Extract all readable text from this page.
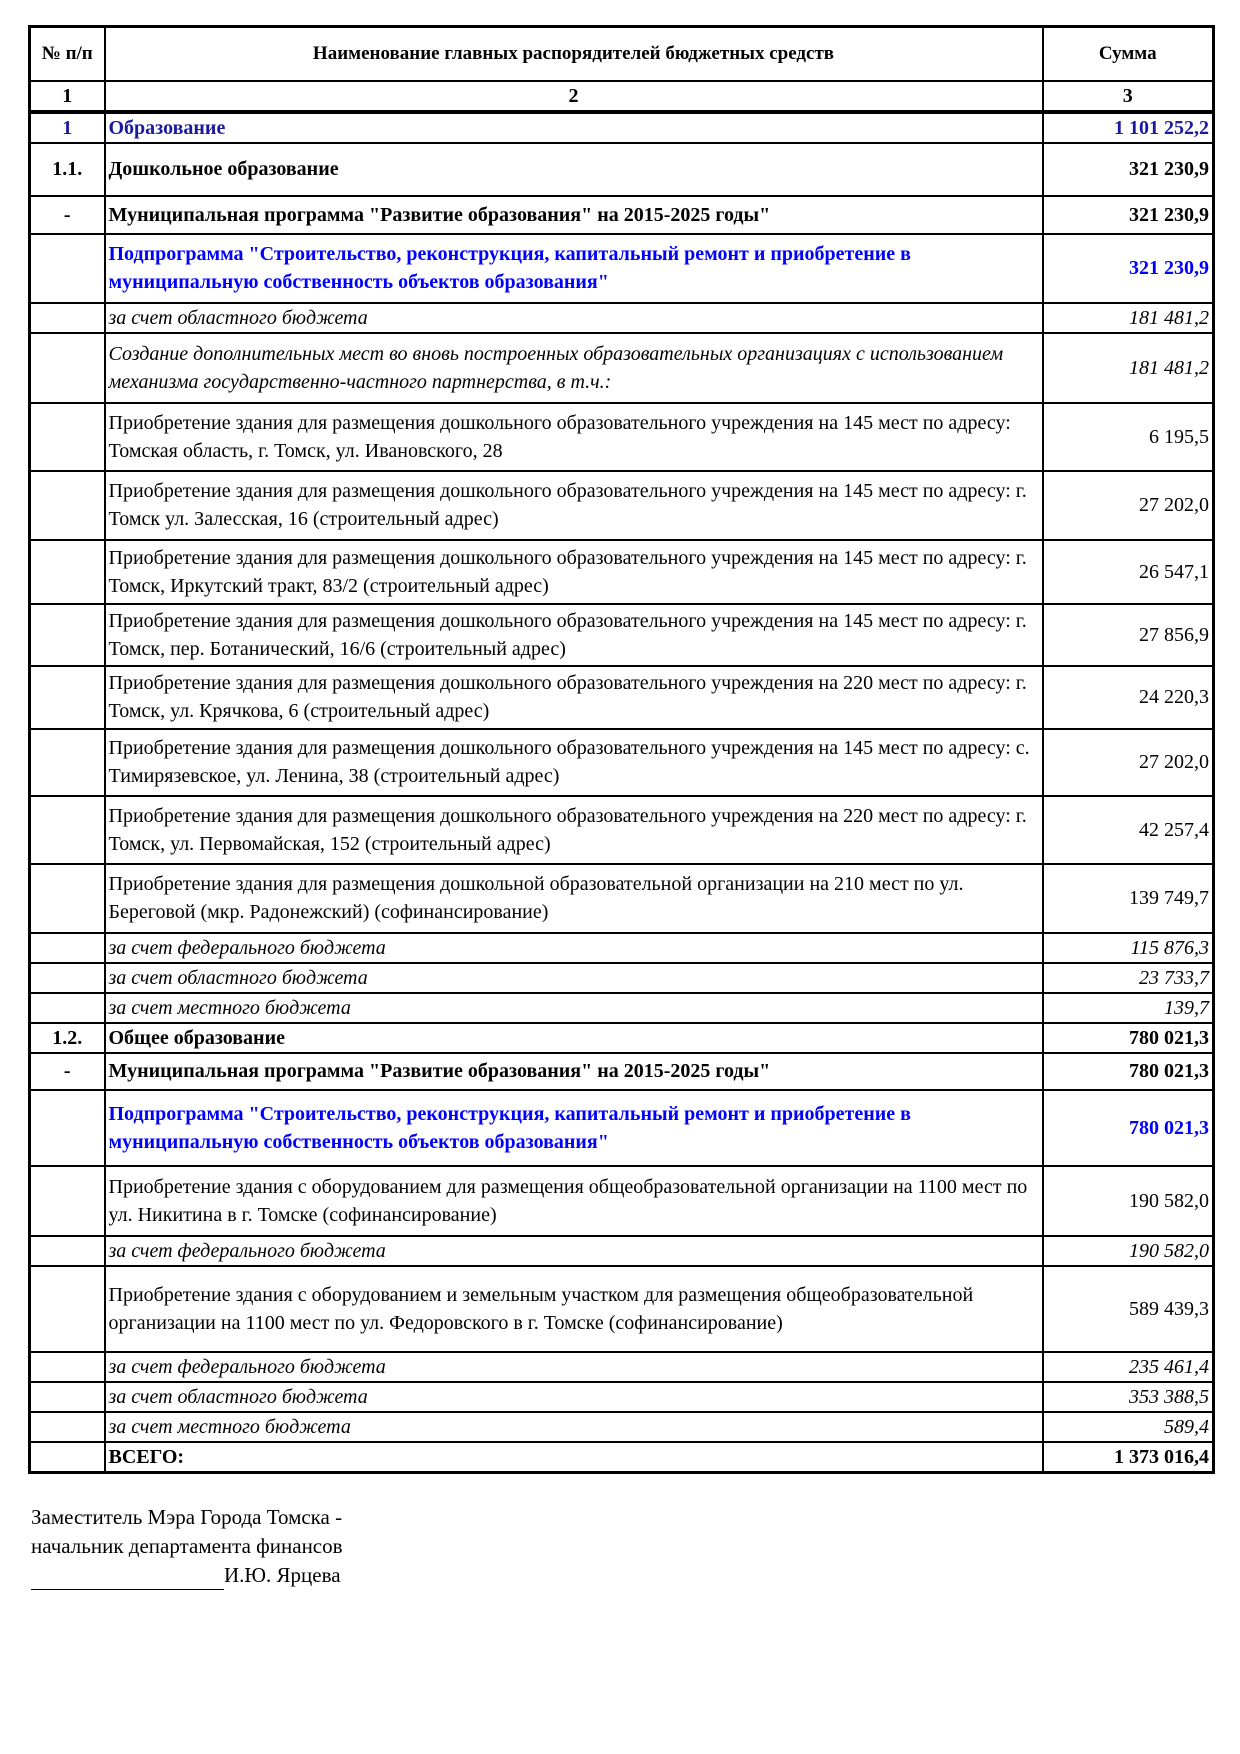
№ п/п	Наименование главных распорядителей бюджетных средств	Сумма
1	2	3
1	Образование	1 101 252,2
1.1.	Дошкольное образование	321 230,9
-	Муниципальная программа "Развитие образования" на 2015-2025 годы"	321 230,9
	Подпрограмма "Строительство, реконструкция, капитальный ремонт и приобретение в муниципальную собственность объектов образования"	321 230,9
	за счет областного бюджета	181 481,2
	Создание дополнительных мест во вновь построенных образовательных организациях с использованием механизма государственно-частного партнерства, в т.ч.:	181 481,2
	Приобретение здания для размещения дошкольного образовательного учреждения на 145 мест по адресу: Томская область, г. Томск, ул. Ивановского, 28	6 195,5
	Приобретение здания для размещения дошкольного образовательного учреждения на 145 мест по адресу: г. Томск ул. Залесская, 16 (строительный адрес)	27 202,0
	Приобретение здания для размещения дошкольного образовательного учреждения на 145 мест по адресу: г. Томск, Иркутский тракт, 83/2 (строительный адрес)	26 547,1
	Приобретение здания для размещения дошкольного образовательного учреждения на 145 мест по адресу: г. Томск, пер. Ботанический, 16/6 (строительный адрес)	27 856,9
	Приобретение здания для размещения дошкольного образовательного учреждения на 220 мест по адресу: г. Томск, ул. Крячкова, 6 (строительный адрес)	24 220,3
	Приобретение здания для размещения дошкольного образовательного учреждения на 145 мест по адресу: с. Тимирязевское, ул. Ленина, 38 (строительный адрес)	27 202,0
	Приобретение здания для размещения дошкольного образовательного учреждения на 220 мест по адресу: г. Томск, ул. Первомайская, 152 (строительный адрес)	42 257,4
	Приобретение здания для размещения дошкольной образовательной организации на 210 мест по ул. Береговой (мкр. Радонежский) (софинансирование)	139 749,7
	за счет федерального бюджета	115 876,3
	за счет областного бюджета	23 733,7
	за счет местного бюджета	139,7
1.2.	Общее образование	780 021,3
-	Муниципальная программа "Развитие образования" на 2015-2025 годы"	780 021,3
	Подпрограмма "Строительство, реконструкция, капитальный ремонт и приобретение в муниципальную собственность объектов образования"	780 021,3
	Приобретение здания с оборудованием для размещения общеобразовательной организации на 1100 мест по ул. Никитина в г. Томске (софинансирование)	190 582,0
	за счет федерального бюджета	190 582,0
	Приобретение здания с оборудованием и земельным участком для размещения общеобразовательной организации на 1100 мест по ул. Федоровского в г. Томске (софинансирование)	589 439,3
	за счет федерального бюджета	235 461,4
	за счет областного бюджета	353 388,5
	за счет местного бюджета	589,4
	ВСЕГО:	1 373 016,4
Заместитель Мэра Города Томска -
начальник департамента финансов
И.Ю. Ярцева
